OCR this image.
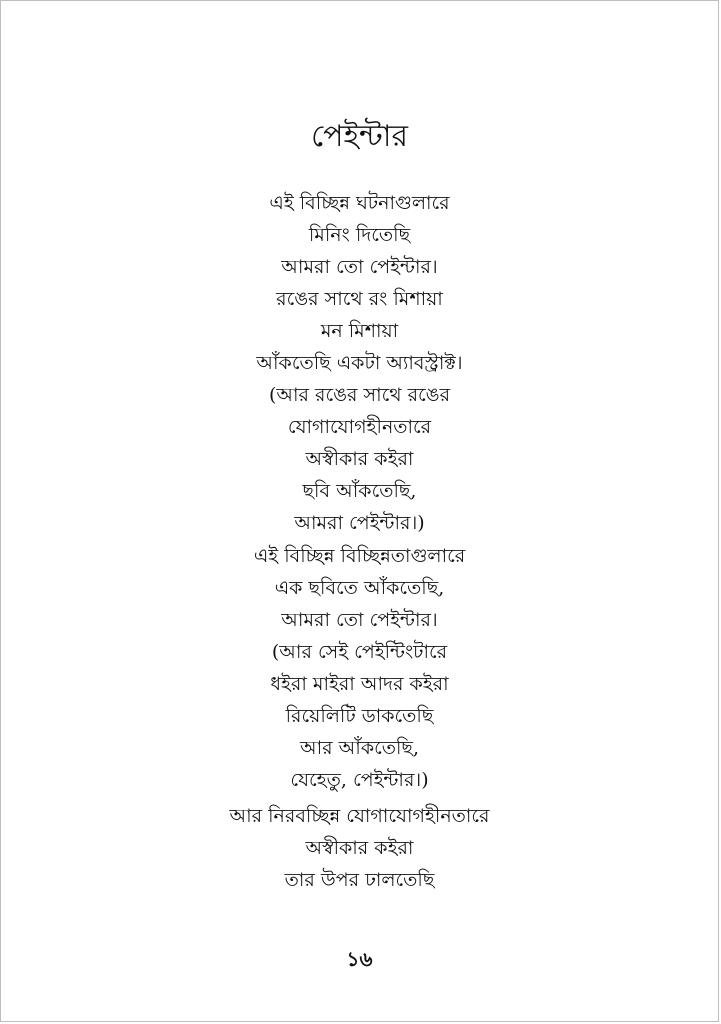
পেইন্টার
এই বিচ্ছিন্ন ঘটনাগুলারে
মিনিং দিতেছি
আমরা তো পেইন্টার।
রঙের সাথে রং মিশায়া
মন মিশায়া
আঁকতেছি একটা অ্যাবস্ট্রাক্ট।
(আর রঙের সাথে রঙের
যোগাযোগহীনতারে
অস্বীকার কইরা
ছবি আঁকতেছি,
আমরা পেইন্টার।)
এই বিচ্ছিন্ন বিচ্ছিন্নতাগুলারে
এক ছবিতে আঁকতেছি,
আমরা তো পেইন্টার।
(আর সেই পেইন্টিংটারে
ধইরা মাইরা আদর কইরা
রিয়েলিটি ডাকতেছি
আর আঁকতেছি,
যেহেতু, পেইন্টার।)
আর নিরবচ্ছিন্ন যোগাযোগহীনতারে
অস্বীকার কইরা
তার উপর ঢালতেছি
১৬
